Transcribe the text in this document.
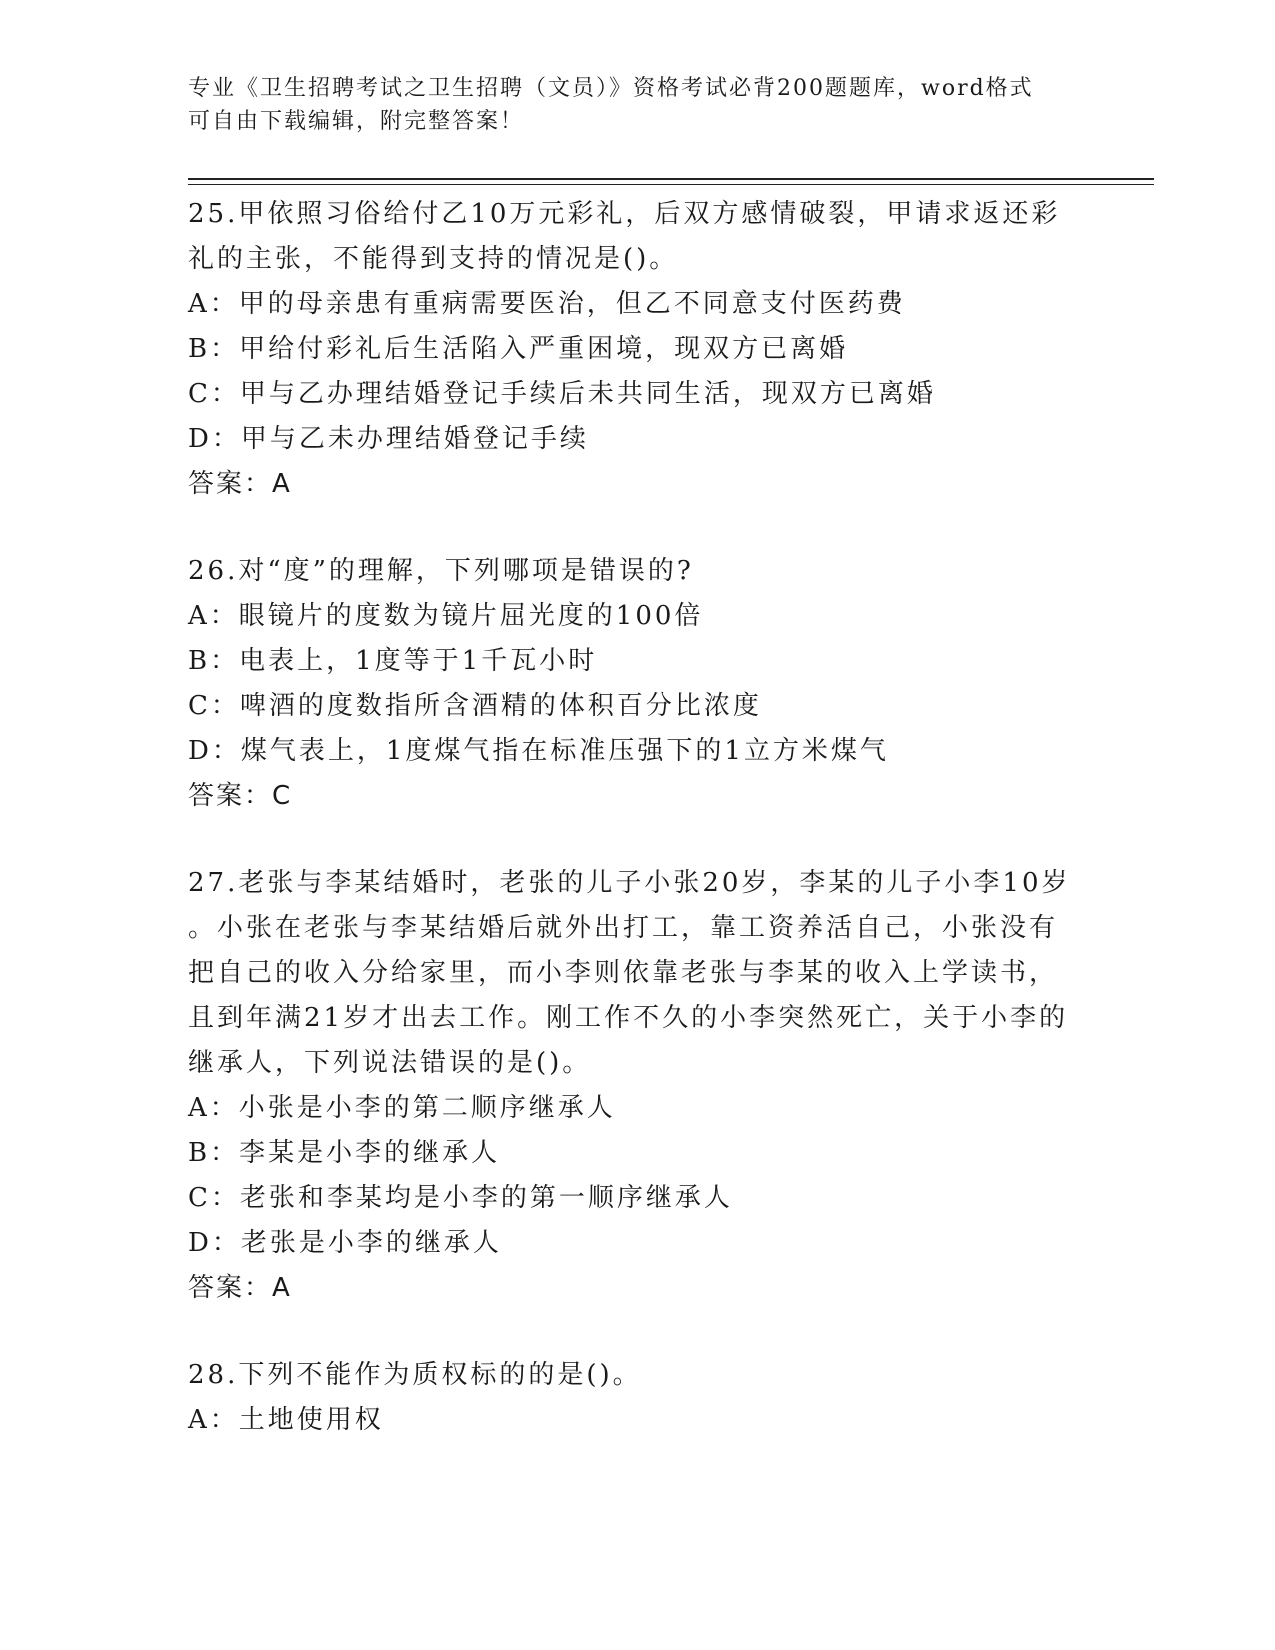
专业《卫生招聘考试之卫生招聘（文员）》资格考试必背200题题库，word格式
可自由下载编辑，附完整答案！

25.甲依照习俗给付乙10万元彩礼，后双方感情破裂，甲请求返还彩

礼的主张，不能得到支持的情况是()。

A：甲的母亲患有重病需要医治，但乙不同意支付医药费

B：甲给付彩礼后生活陷入严重困境，现双方已离婚

C：甲与乙办理结婚登记手续后未共同生活，现双方已离婚

D：甲与乙未办理结婚登记手续

答案：A

26.对“度”的理解，下列哪项是错误的?

A：眼镜片的度数为镜片屈光度的100倍

B：电表上，1度等于1千瓦小时

C：啤酒的度数指所含酒精的体积百分比浓度

D：煤气表上，1度煤气指在标准压强下的1立方米煤气

答案：C

27.老张与李某结婚时，老张的儿子小张20岁，李某的儿子小李10岁

。小张在老张与李某结婚后就外出打工，靠工资养活自己，小张没有

把自己的收入分给家里，而小李则依靠老张与李某的收入上学读书，

且到年满21岁才出去工作。刚工作不久的小李突然死亡，关于小李的

继承人，下列说法错误的是()。

A：小张是小李的第二顺序继承人

B：李某是小李的继承人

C：老张和李某均是小李的第一顺序继承人

D：老张是小李的继承人

答案：A

28.下列不能作为质权标的的是()。

A：土地使用权
